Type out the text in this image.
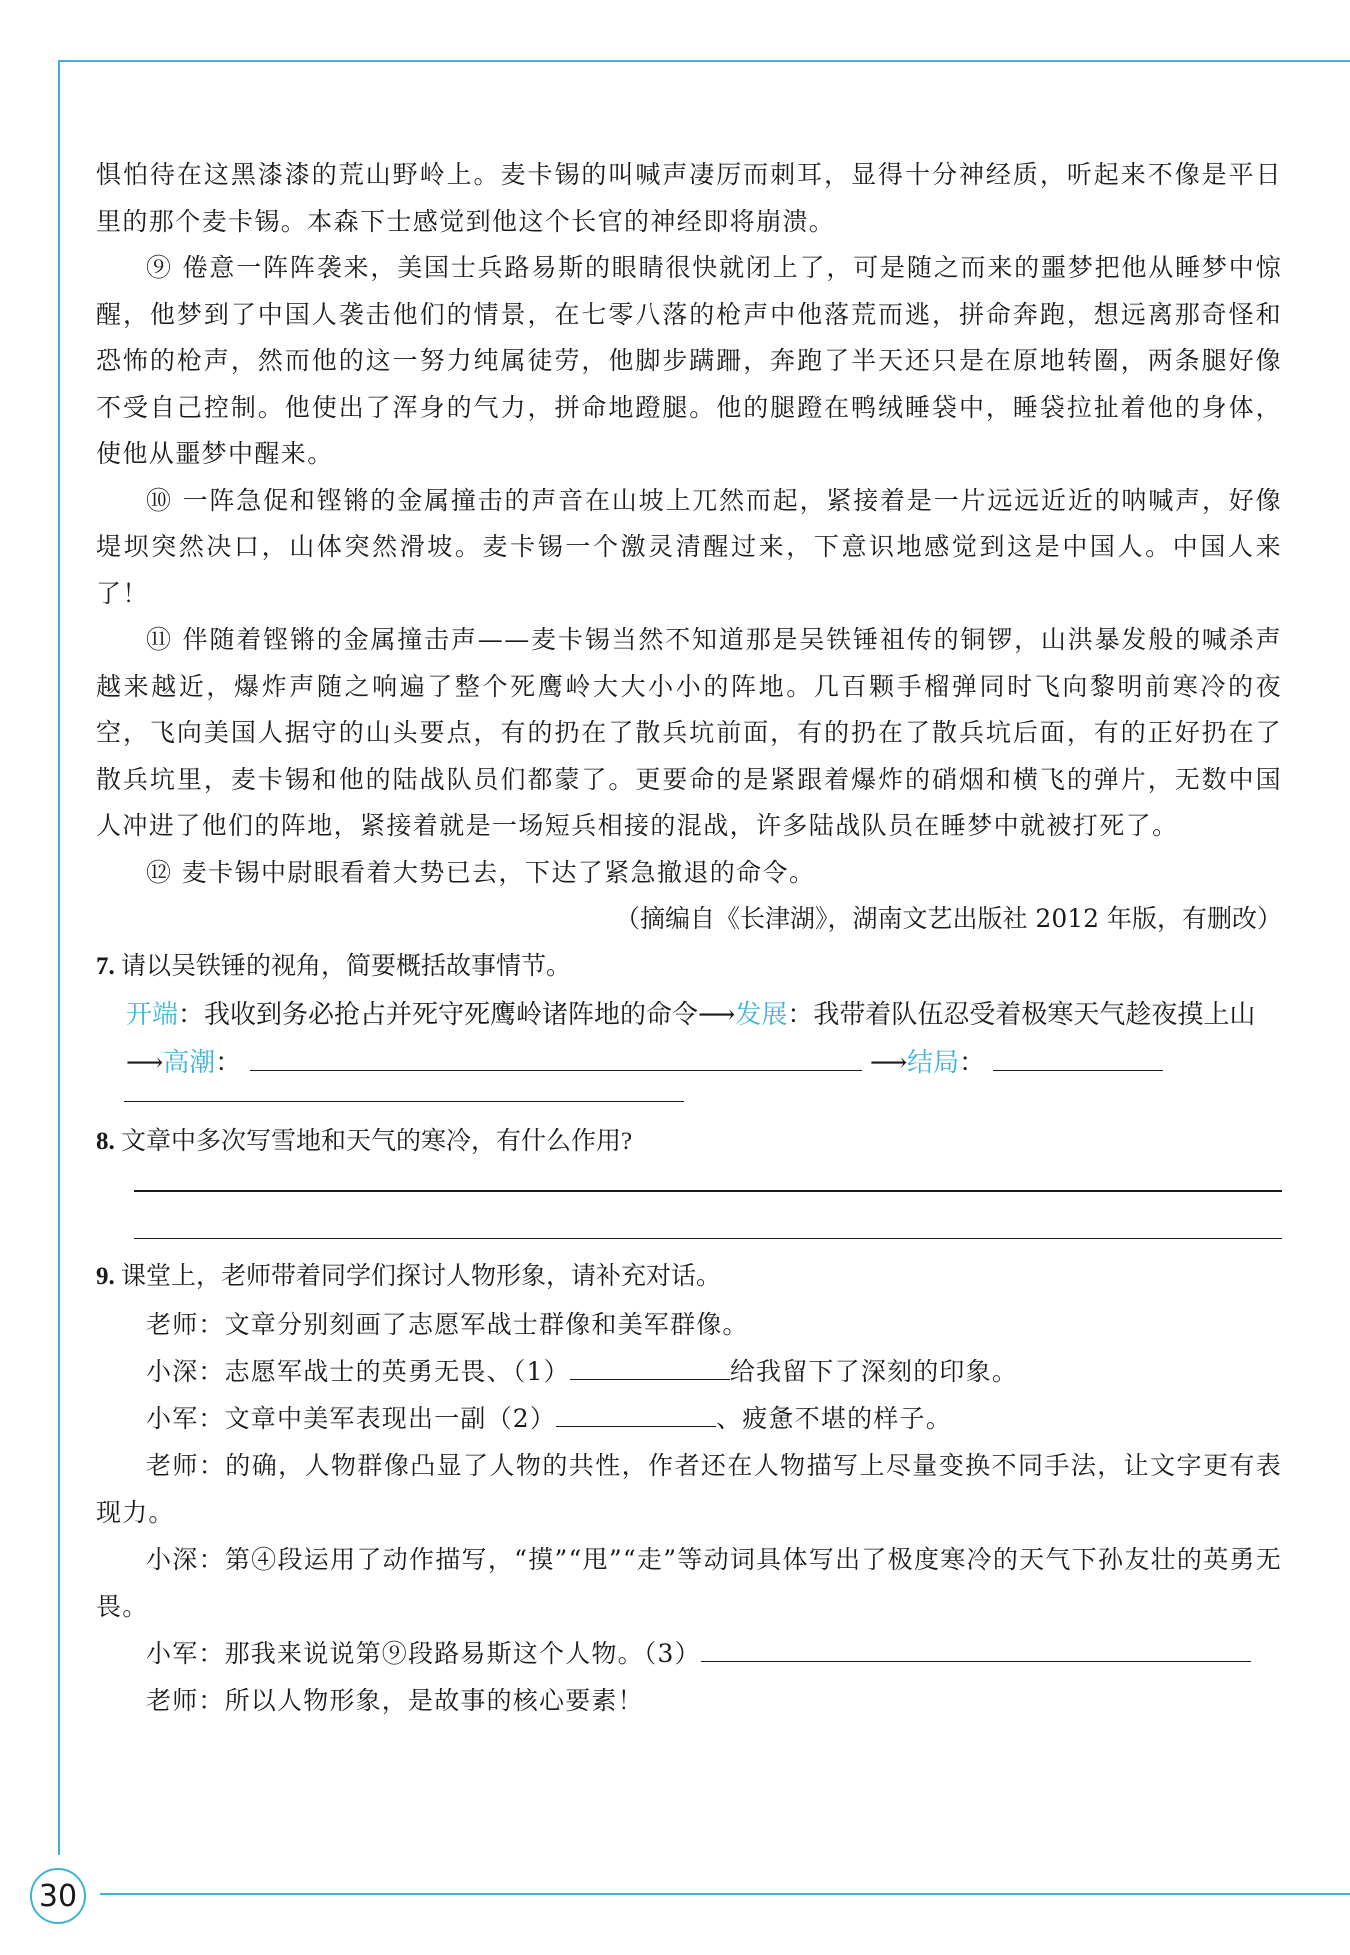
30

惧怕待在这黑漆漆的荒山野岭上。麦卡锡的叫喊声凄厉而刺耳，显得十分神经质，听起来不像是平日里的那个麦卡锡。本森下士感觉到他这个长官的神经即将崩溃。

⑨ 倦意一阵阵袭来，美国士兵路易斯的眼睛很快就闭上了，可是随之而来的噩梦把他从睡梦中惊醒，他梦到了中国人袭击他们的情景，在七零八落的枪声中他落荒而逃，拼命奔跑，想远离那奇怪和恐怖的枪声，然而他的这一努力纯属徒劳，他脚步蹒跚，奔跑了半天还只是在原地转圈，两条腿好像不受自己控制。他使出了浑身的气力，拼命地蹬腿。他的腿蹬在鸭绒睡袋中，睡袋拉扯着他的身体，使他从噩梦中醒来。

⑩ 一阵急促和铿锵的金属撞击的声音在山坡上兀然而起，紧接着是一片远远近近的呐喊声，好像堤坝突然决口，山体突然滑坡。麦卡锡一个激灵清醒过来，下意识地感觉到这是中国人。中国人来了！

⑪ 伴随着铿锵的金属撞击声——麦卡锡当然不知道那是吴铁锤祖传的铜锣，山洪暴发般的喊杀声越来越近，爆炸声随之响遍了整个死鹰岭大大小小的阵地。几百颗手榴弹同时飞向黎明前寒冷的夜空，飞向美国人据守的山头要点，有的扔在了散兵坑前面，有的扔在了散兵坑后面，有的正好扔在了散兵坑里，麦卡锡和他的陆战队员们都蒙了。更要命的是紧跟着爆炸的硝烟和横飞的弹片，无数中国人冲进了他们的阵地，紧接着就是一场短兵相接的混战，许多陆战队员在睡梦中就被打死了。

⑫ 麦卡锡中尉眼看着大势已去，下达了紧急撤退的命令。

（摘编自《长津湖》，湖南文艺出版社 2012 年版，有删改）

7. 请以吴铁锤的视角，简要概括故事情节。

开端：我收到务必抢占并死守死鹰岭诸阵地的命令⟶发展：我带着队伍忍受着极寒天气趁夜摸上山⟶高潮：	⟶结局：

8. 文章中多次写雪地和天气的寒冷，有什么作用?

9. 课堂上，老师带着同学们探讨人物形象，请补充对话。

老师：文章分别刻画了志愿军战士群像和美军群像。

小深：志愿军战士的英勇无畏、（1）	给我留下了深刻的印象。

小军：文章中美军表现出一副（2）	、疲惫不堪的样子。

老师：的确，人物群像凸显了人物的共性，作者还在人物描写上尽量变换不同手法，让文字更有表现力。

小深：第④段运用了动作描写，“摸”“甩”“走”等动词具体写出了极度寒冷的天气下孙友壮的英勇无畏。

小军：那我来说说第⑨段路易斯这个人物。（3）

老师：所以人物形象，是故事的核心要素！
